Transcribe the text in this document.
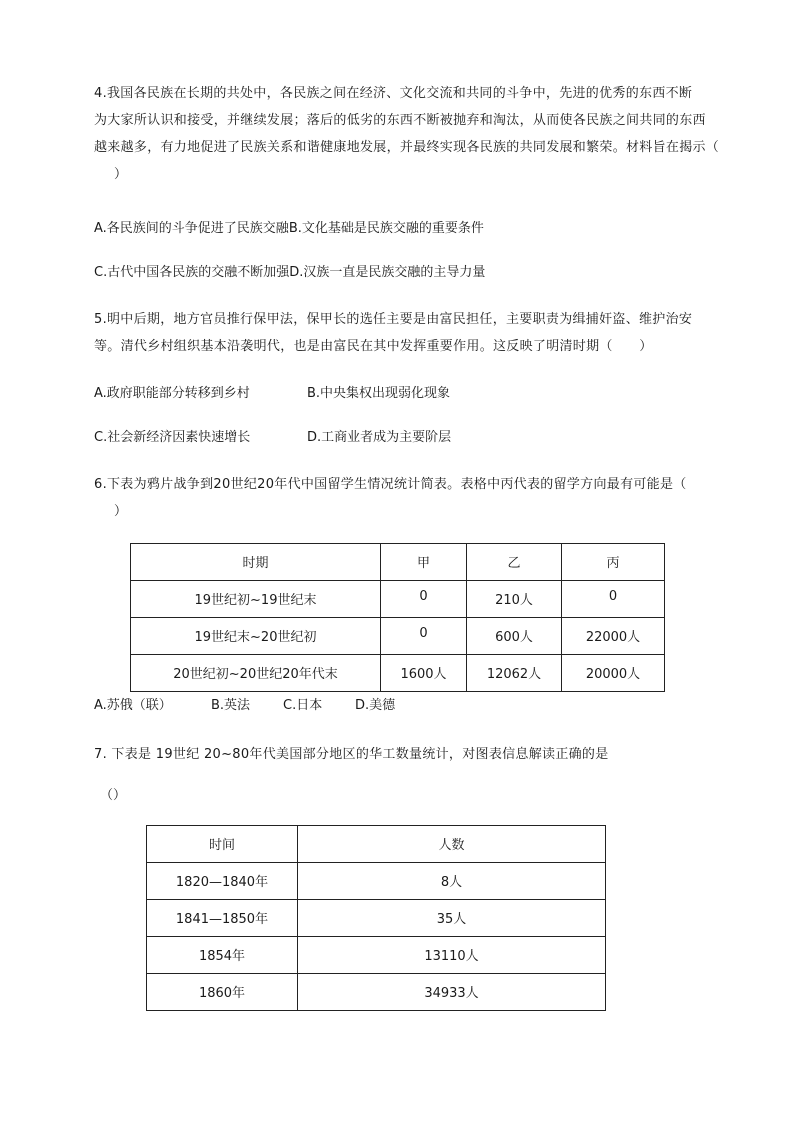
4.我国各民族在长期的共处中，各民族之间在经济、文化交流和共同的斗争中，先进的优秀的东西不断
为大家所认识和接受，并继续发展；落后的低劣的东西不断被抛弃和淘汰，从而使各民族之间共同的东西
越来越多，有力地促进了民族关系和谐健康地发展，并最终实现各民族的共同发展和繁荣。材料旨在揭示（
）
A.各民族间的斗争促进了民族交融B.文化基础是民族交融的重要条件
C.古代中国各民族的交融不断加强D.汉族一直是民族交融的主导力量
5.明中后期，地方官员推行保甲法，保甲长的选任主要是由富民担任，主要职责为缉捕奸盗、维护治安
等。清代乡村组织基本沿袭明代，也是由富民在其中发挥重要作用。这反映了明清时期（　　）
A.政府职能部分转移到乡村	B.中央集权出现弱化现象
C.社会新经济因素快速增长	D.工商业者成为主要阶层
6.下表为鸦片战争到20世纪20年代中国留学生情况统计简表。表格中丙代表的留学方向最有可能是（
）
时期	甲	乙	丙
19世纪初~19世纪末	0	210人	0
19世纪末~20世纪初	0	600人	22000人
20世纪初~20世纪20年代末	1600人	12062人	20000人
A.苏俄（联）	B.英法	C.日本	D.美德
7. 下表是 19世纪 20~80年代美国部分地区的华工数量统计，对图表信息解读正确的是
（）
时间	人数
1820—1840年	8人
1841—1850年	35人
1854年	13110人
1860年	34933人
